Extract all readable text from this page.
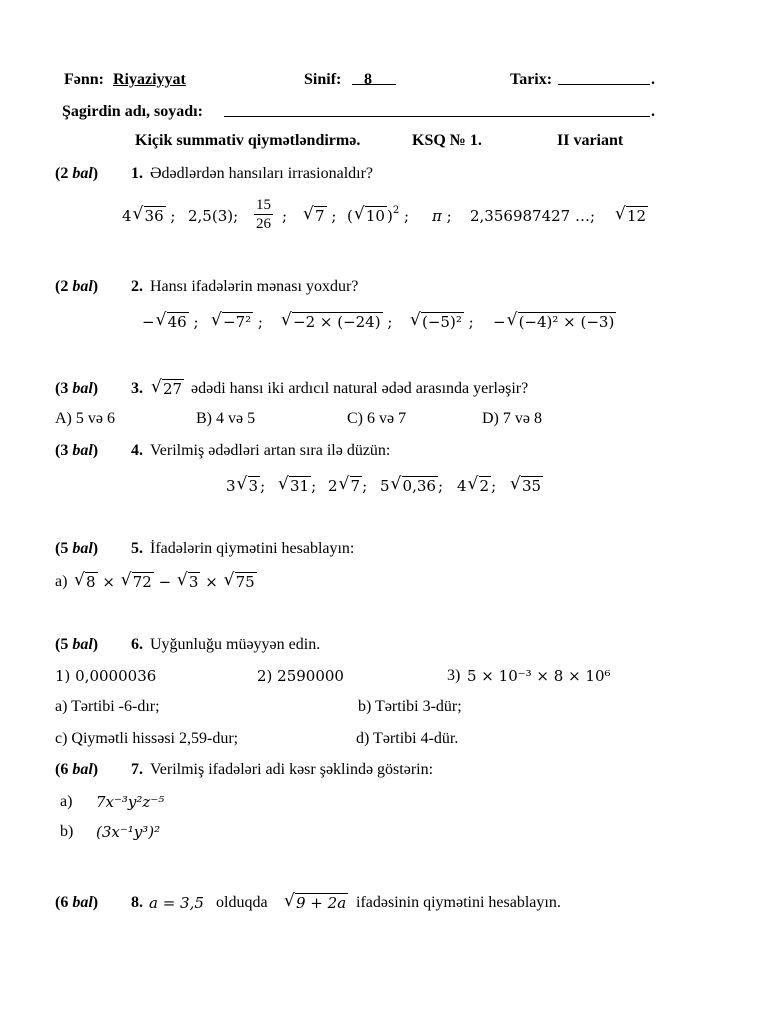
Fənn: Riyaziyyat	Sinif: 8	Tarix:	.
Şagirdin adı, soyadı:	.
Kiçik summativ qiymətləndirmə.	KSQ № 1.	II variant
(2 bal) 1. Ədədlərdən hansıları irrasionaldır?
4 √ 36 ; 2,5(3); $\frac{15}{26}$ ;	√ 7 ; ( √ 10 )$^2$ ; π ; 2,356987427 …;	√ 12
(2 bal) 2. Hansı ifadələrin mənası yoxdur?
− √ 46 ;	√ −7² ;	√ −2 × (−24) ;	√ (−5)² ; − √ (−4)² × (−3)
(3 bal) 3.	√ 27 ədədi hansı iki ardıcıl natural ədəd arasında yerləşir?
A) 5 və 6	B) 4 və 5	C) 6 və 7	D) 7 və 8
(3 bal) 4. Verilmiş ədədləri artan sıra ilə düzün:
3 √ 3 ;	√ 31 ; 2 √ 7 ; 5 √ 0,36 ; 4 √ 2 ;	√ 35
(5 bal) 5. İfadələrin qiymətini hesablayın:
a)	√ 8 × √ 72 − √ 3 × √ 75
(5 bal) 6. Uyğunluğu müəyyən edin.
1) 0,0000036	2) 2590000	3) 5 × 10⁻³ × 8 × 10⁶
a) Tərtibi -6-dır;	b) Tərtibi 3-dür;
c) Qiymətli hissəsi 2,59-dur;	d) Tərtibi 4-dür.
(6 bal) 7. Verilmiş ifadələri adi kəsr şəklində göstərin:
a) 7x⁻³y²z⁻⁵
b) (3x⁻¹y³)²
(6 bal) 8. a = 3,5 olduqda	√ 9 + 2a ifadəsinin qiymətini hesablayın.
